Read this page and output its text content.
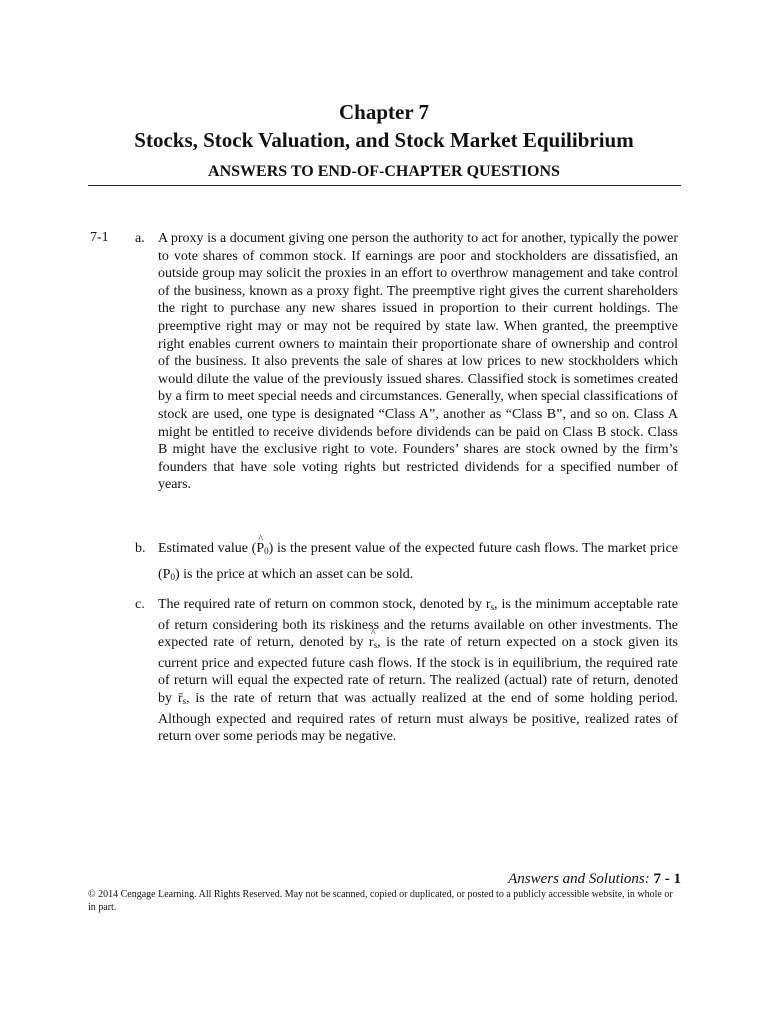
Chapter 7
Stocks, Stock Valuation, and Stock Market Equilibrium
ANSWERS TO END-OF-CHAPTER QUESTIONS
7-1 a. A proxy is a document giving one person the authority to act for another, typically the power to vote shares of common stock. If earnings are poor and stockholders are dissatisfied, an outside group may solicit the proxies in an effort to overthrow management and take control of the business, known as a proxy fight. The preemptive right gives the current shareholders the right to purchase any new shares issued in proportion to their current holdings. The preemptive right may or may not be required by state law. When granted, the preemptive right enables current owners to maintain their proportionate share of ownership and control of the business. It also prevents the sale of shares at low prices to new stockholders which would dilute the value of the previously issued shares. Classified stock is sometimes created by a firm to meet special needs and circumstances. Generally, when special classifications of stock are used, one type is designated “Class A”, another as “Class B”, and so on. Class A might be entitled to receive dividends before dividends can be paid on Class B stock. Class B might have the exclusive right to vote. Founders’ shares are stock owned by the firm’s founders that have sole voting rights but restricted dividends for a specified number of years.
b. Estimated value (^ $P_0$) is the present value of the expected future cash flows. The market price $(P_0)$ is the price at which an asset can be sold.
c. The required rate of return on common stock, denoted by $r_s$, is the minimum acceptable rate of return considering both its riskiness and the returns available on other investments. The expected rate of return, denoted by ^ $r_s$, is the rate of return expected on a stock given its current price and expected future cash flows. If the stock is in equilibrium, the required rate of return will equal the expected rate of return. The realized (actual) rate of return, denoted by $r̄_s$, is the rate of return that was actually realized at the end of some holding period. Although expected and required rates of return must always be positive, realized rates of return over some periods may be negative.
Answers and Solutions: 7 - 1
© 2014 Cengage Learning. All Rights Reserved. May not be scanned, copied or duplicated, or posted to a publicly accessible website, in whole or in part.
